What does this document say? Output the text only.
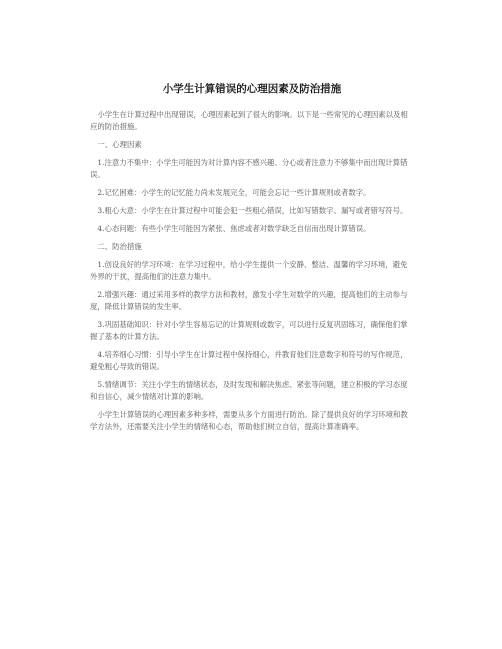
小学生计算错误的心理因素及防治措施

小学生在计算过程中出现错误，心理因素起到了很大的影响。以下是一些常见的心理因素以及相应的防治措施。

一、心理因素

1.注意力不集中：小学生可能因为对计算内容不感兴趣、分心或者注意力不够集中而出现计算错误。

2.记忆困难：小学生的记忆能力尚未发展完全，可能会忘记一些计算规则或者数字。

3.粗心大意：小学生在计算过程中可能会犯一些粗心错误，比如写错数字、漏写或者错写符号。

4.心态问题：有些小学生可能因为紧张、焦虑或者对数学缺乏自信而出现计算错误。

二、防治措施

1.创设良好的学习环境：在学习过程中，给小学生提供一个安静、整洁、温馨的学习环境，避免外界的干扰，提高他们的注意力集中。

2.增强兴趣：通过采用多样的教学方法和教材，激发小学生对数学的兴趣，提高他们的主动参与度，降低计算错误的发生率。

3.巩固基础知识：针对小学生容易忘记的计算规则或数字，可以进行反复巩固练习，确保他们掌握了基本的计算方法。

4.培养细心习惯：引导小学生在计算过程中保持细心，并教育他们注意数字和符号的写作规范，避免粗心导致的错误。

5.情绪调节：关注小学生的情绪状态，及时发现和解决焦虑、紧张等问题，建立积极的学习态度和自信心，减少情绪对计算的影响。

小学生计算错误的心理因素多种多样，需要从多个方面进行防治。除了提供良好的学习环境和教学方法外，还需要关注小学生的情绪和心态，帮助他们树立自信，提高计算准确率。
